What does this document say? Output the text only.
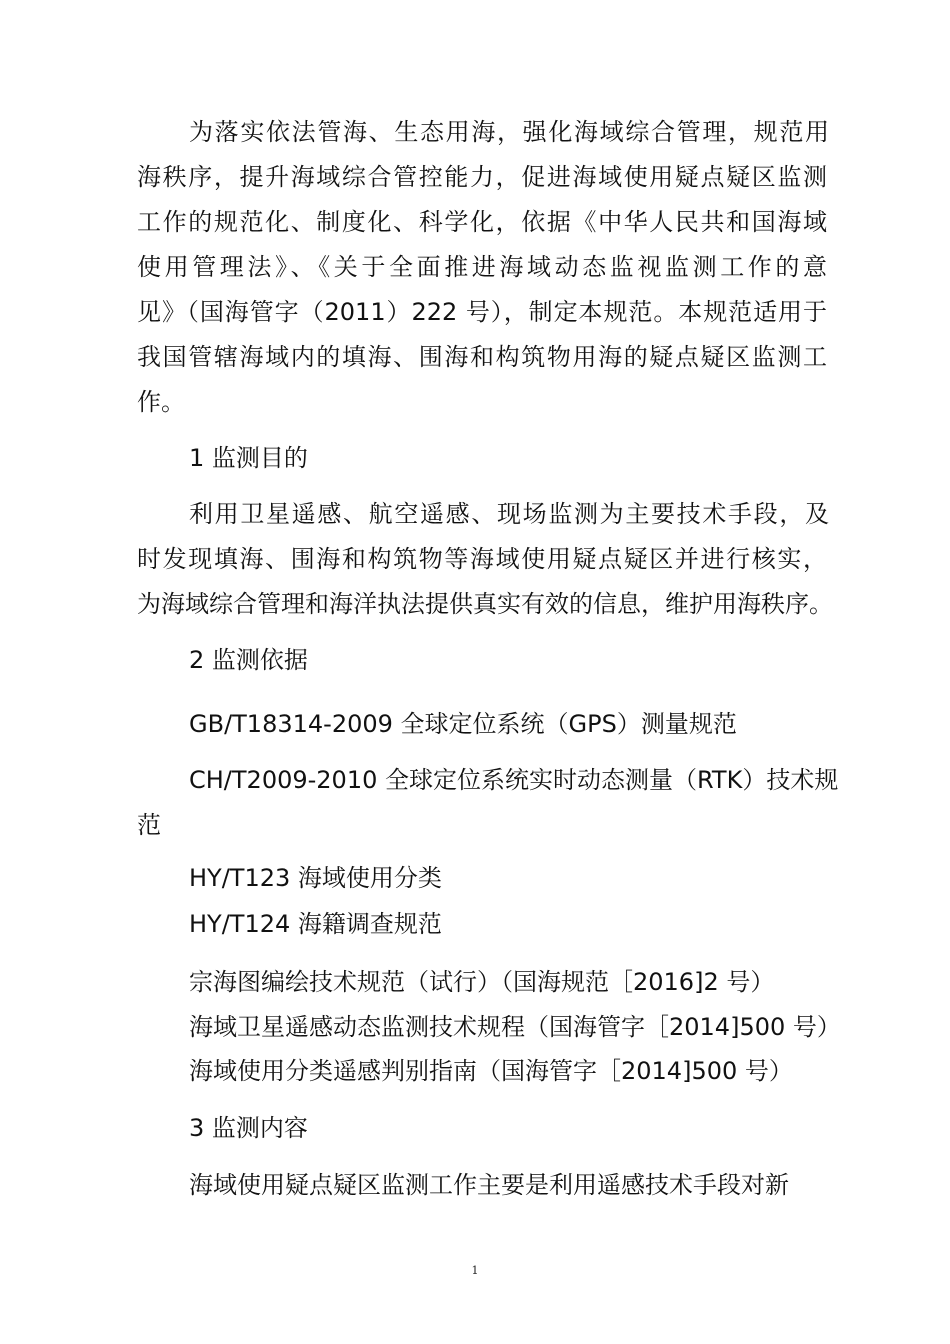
为落实依法管海、生态用海，强化海域综合管理，规范用
海秩序，提升海域综合管控能力，促进海域使用疑点疑区监测
工作的规范化、制度化、科学化，依据《中华人民共和国海域
使用管理法》、《关于全面推进海域动态监视监测工作的意
见》（国海管字（2011）222 号），制定本规范。本规范适用于
我国管辖海域内的填海、围海和构筑物用海的疑点疑区监测工
作。
1 监测目的
利用卫星遥感、航空遥感、现场监测为主要技术手段，及
时发现填海、围海和构筑物等海域使用疑点疑区并进行核实，
为海域综合管理和海洋执法提供真实有效的信息，维护用海秩序。
2 监测依据
GB/T18314-2009 全球定位系统（GPS）测量规范
CH/T2009-2010 全球定位系统实时动态测量（RTK）技术规
范
HY/T123 海域使用分类
HY/T124 海籍调查规范
宗海图编绘技术规范（试行）（国海规范［2016]2 号）
海域卫星遥感动态监测技术规程（国海管字［2014]500 号）
海域使用分类遥感判别指南（国海管字［2014]500 号）
3 监测内容
海域使用疑点疑区监测工作主要是利用遥感技术手段对新
1
